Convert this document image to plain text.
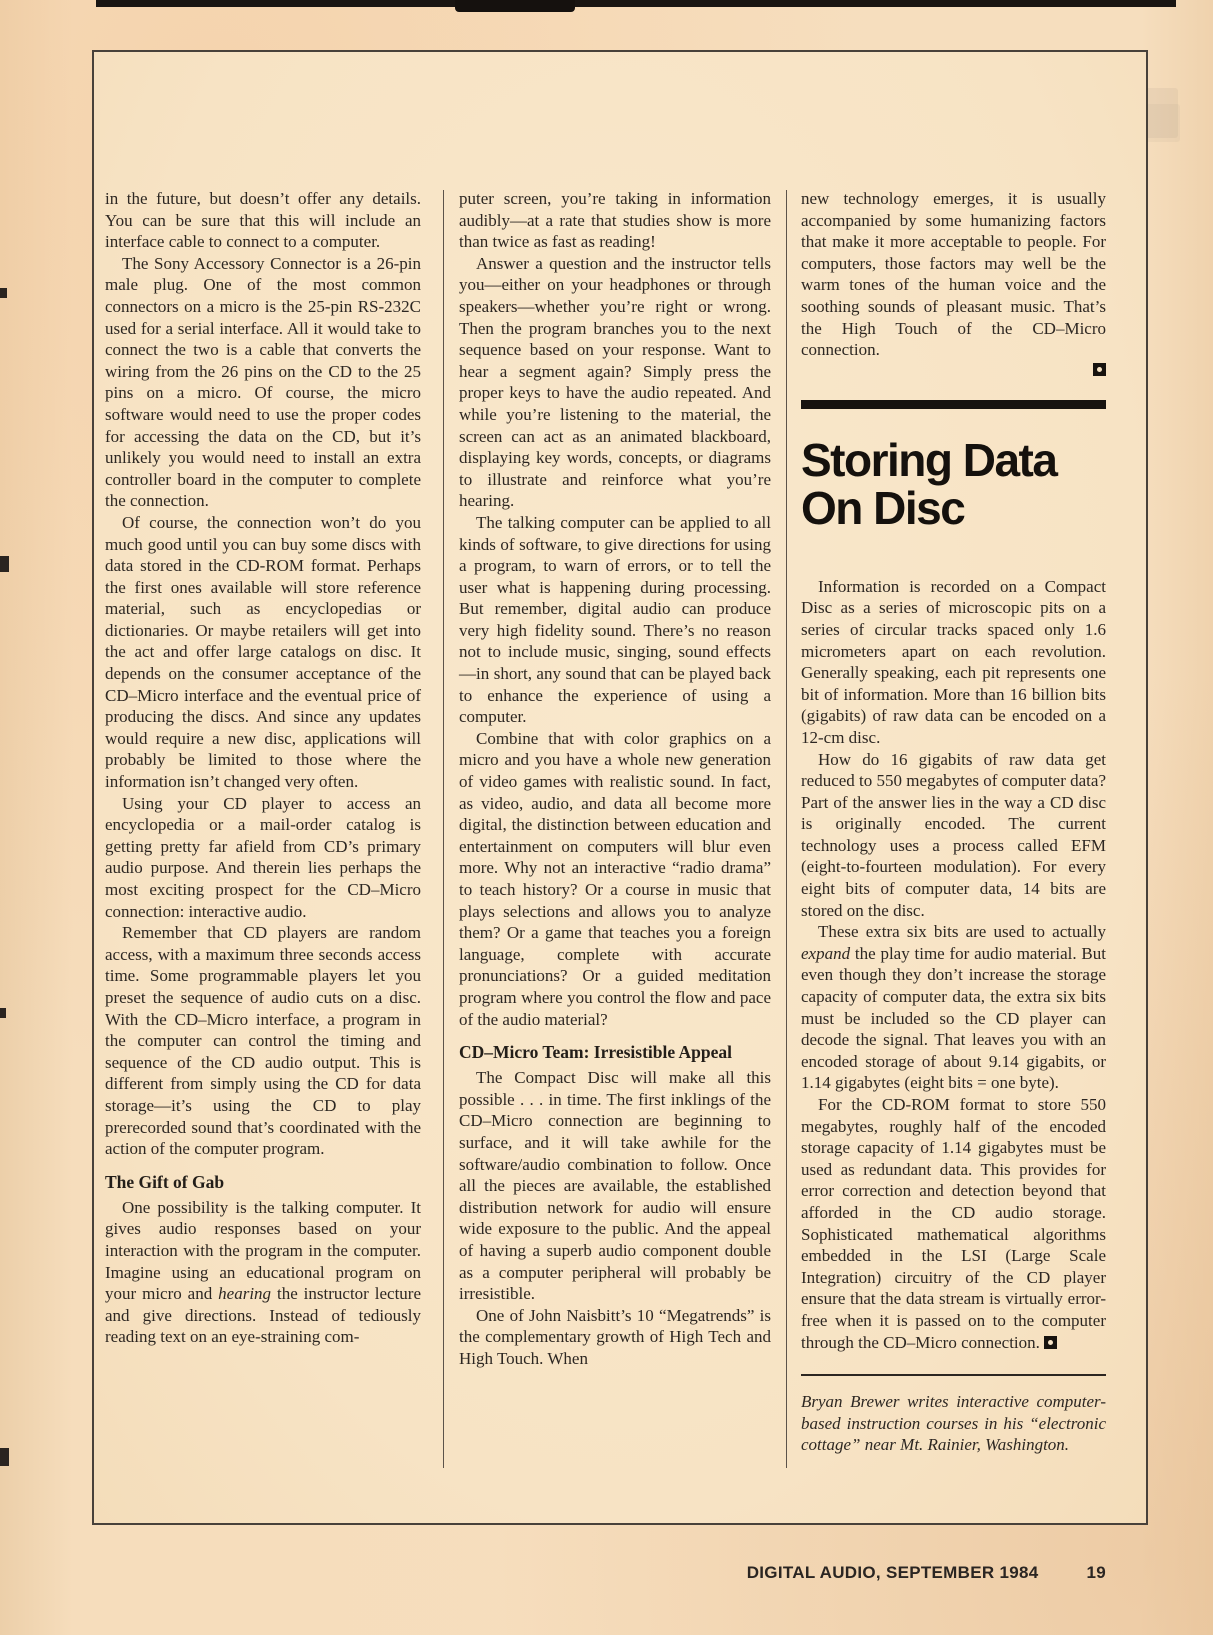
in the future, but doesn’t offer any details. You can be sure that this will include an interface cable to connect to a computer.

The Sony Accessory Connector is a 26-pin male plug. One of the most common connectors on a micro is the 25-pin RS-232C used for a serial interface. All it would take to connect the two is a cable that converts the wiring from the 26 pins on the CD to the 25 pins on a micro. Of course, the micro software would need to use the proper codes for accessing the data on the CD, but it’s unlikely you would need to install an extra controller board in the computer to complete the connection.

Of course, the connection won’t do you much good until you can buy some discs with data stored in the CD-ROM format. Perhaps the first ones available will store reference material, such as encyclopedias or dictionaries. Or maybe retailers will get into the act and offer large catalogs on disc. It depends on the consumer acceptance of the CD–Micro interface and the eventual price of producing the discs. And since any updates would require a new disc, applications will probably be limited to those where the information isn’t changed very often.

Using your CD player to access an encyclopedia or a mail-order catalog is getting pretty far afield from CD’s primary audio purpose. And therein lies perhaps the most exciting prospect for the CD–Micro connection: interactive audio.

Remember that CD players are random access, with a maximum three seconds access time. Some programmable players let you preset the sequence of audio cuts on a disc. With the CD–Micro interface, a program in the computer can control the timing and sequence of the CD audio output. This is different from simply using the CD for data storage—it’s using the CD to play prerecorded sound that’s coordinated with the action of the computer program.

The Gift of Gab

One possibility is the talking computer. It gives audio responses based on your interaction with the program in the computer. Imagine using an educational program on your micro and hearing the instructor lecture and give directions. Instead of tediously reading text on an eye-straining com-

puter screen, you’re taking in information audibly—at a rate that studies show is more than twice as fast as reading!

Answer a question and the instructor tells you—either on your headphones or through speakers—whether you’re right or wrong. Then the program branches you to the next sequence based on your response. Want to hear a segment again? Simply press the proper keys to have the audio repeated. And while you’re listening to the material, the screen can act as an animated blackboard, displaying key words, concepts, or diagrams to illustrate and reinforce what you’re hearing.

The talking computer can be applied to all kinds of software, to give directions for using a program, to warn of errors, or to tell the user what is happening during processing. But remember, digital audio can produce very high fidelity sound. There’s no reason not to include music, singing, sound effects—in short, any sound that can be played back to enhance the experience of using a computer.

Combine that with color graphics on a micro and you have a whole new generation of video games with realistic sound. In fact, as video, audio, and data all become more digital, the distinction between education and entertainment on computers will blur even more. Why not an interactive “radio drama” to teach history? Or a course in music that plays selections and allows you to analyze them? Or a game that teaches you a foreign language, complete with accurate pronunciations? Or a guided meditation program where you control the flow and pace of the audio material?

CD–Micro Team: Irresistible Appeal

The Compact Disc will make all this possible . . . in time. The first inklings of the CD–Micro connection are beginning to surface, and it will take awhile for the software/audio combination to follow. Once all the pieces are available, the established distribution network for audio will ensure wide exposure to the public. And the appeal of having a superb audio component double as a computer peripheral will probably be irresistible.

One of John Naisbitt’s 10 “Megatrends” is the complementary growth of High Tech and High Touch. When

new technology emerges, it is usually accompanied by some humanizing factors that make it more acceptable to people. For computers, those factors may well be the warm tones of the human voice and the soothing sounds of pleasant music. That’s the High Touch of the CD–Micro connection.

Storing Data
On Disc

Information is recorded on a Compact Disc as a series of microscopic pits on a series of circular tracks spaced only 1.6 micrometers apart on each revolution. Generally speaking, each pit represents one bit of information. More than 16 billion bits (gigabits) of raw data can be encoded on a 12-cm disc.

How do 16 gigabits of raw data get reduced to 550 megabytes of computer data? Part of the answer lies in the way a CD disc is originally encoded. The current technology uses a process called EFM (eight-to-fourteen modulation). For every eight bits of computer data, 14 bits are stored on the disc.

These extra six bits are used to actually expand the play time for audio material. But even though they don’t increase the storage capacity of computer data, the extra six bits must be included so the CD player can decode the signal. That leaves you with an encoded storage of about 9.14 gigabits, or 1.14 gigabytes (eight bits = one byte).

For the CD-ROM format to store 550 megabytes, roughly half of the encoded storage capacity of 1.14 gigabytes must be used as redundant data. This provides for error correction and detection beyond that afforded in the CD audio storage. Sophisticated mathematical algorithms embedded in the LSI (Large Scale Integration) circuitry of the CD player ensure that the data stream is virtually error-free when it is passed on to the computer through the CD–Micro connection.

Bryan Brewer writes interactive computer-based instruction courses in his “electronic cottage” near Mt. Rainier, Washington.

DIGITAL AUDIO, SEPTEMBER 1984	19
